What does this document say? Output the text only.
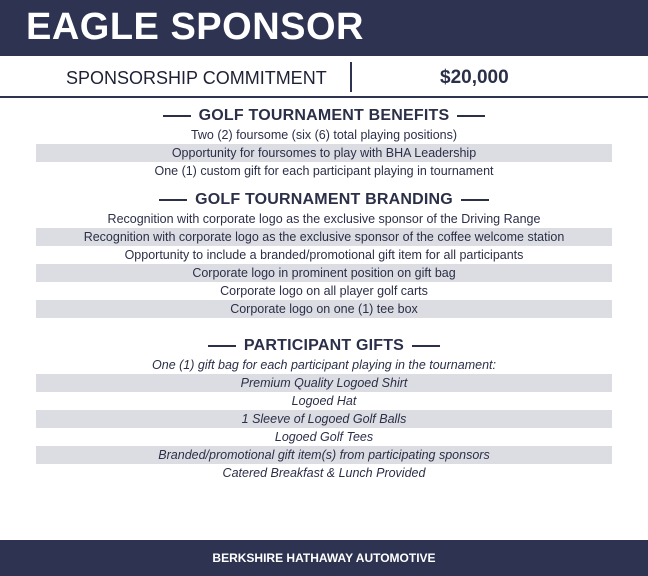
EAGLE SPONSOR
SPONSORSHIP COMMITMENT	$20,000
GOLF TOURNAMENT BENEFITS
Two (2) foursome (six (6) total playing positions)
Opportunity for foursomes to play with BHA Leadership
One (1) custom gift for each participant playing in tournament
GOLF TOURNAMENT BRANDING
Recognition with corporate logo as the exclusive sponsor of the Driving Range
Recognition with corporate logo as the exclusive sponsor of the coffee welcome station
Opportunity to include a branded/promotional gift item for all participants
Corporate logo in prominent position on gift bag
Corporate logo on all player golf carts
Corporate logo on one (1) tee box
PARTICIPANT GIFTS
One (1) gift bag for each participant playing in the tournament:
Premium Quality Logoed Shirt
Logoed Hat
1 Sleeve of Logoed Golf Balls
Logoed Golf Tees
Branded/promotional gift item(s) from participating sponsors
Catered Breakfast & Lunch Provided
BERKSHIRE HATHAWAY AUTOMOTIVE
